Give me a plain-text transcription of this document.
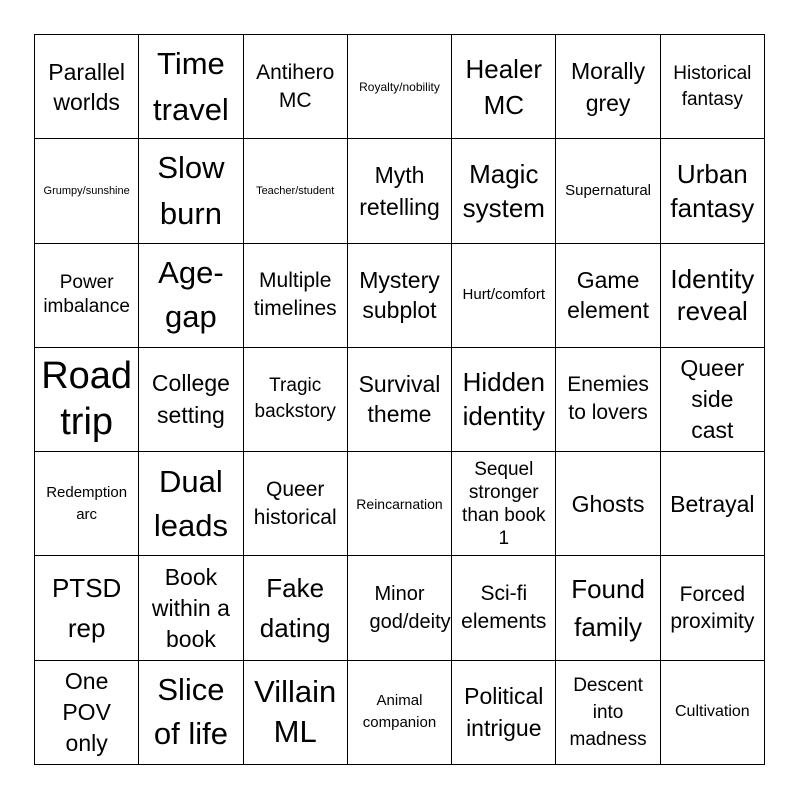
Parallel worlds
Time travel
Antihero MC
Royalty/nobility
Healer MC
Morally grey
Historical fantasy
Grumpy/sunshine
Slow burn
Teacher/student
Myth retelling
Magic system
Supernatural
Urban fantasy
Power imbalance
Age-gap
Multiple timelines
Mystery subplot
Hurt/comfort
Game element
Identity reveal
Road trip
College setting
Tragic backstory
Survival theme
Hidden identity
Enemies to lovers
Queer side cast
Redemption arc
Dual leads
Queer historical
Reincarnation
Sequel stronger than book 1
Ghosts Betrayal
PTSD rep
Book within a book
Fake dating
Minor god/deity
Sci-fi elements
Found family
Forced proximity
One POV only
Slice of life
Villain ML
Animal companion
Political intrigue
Descent into madness
Cultivation
